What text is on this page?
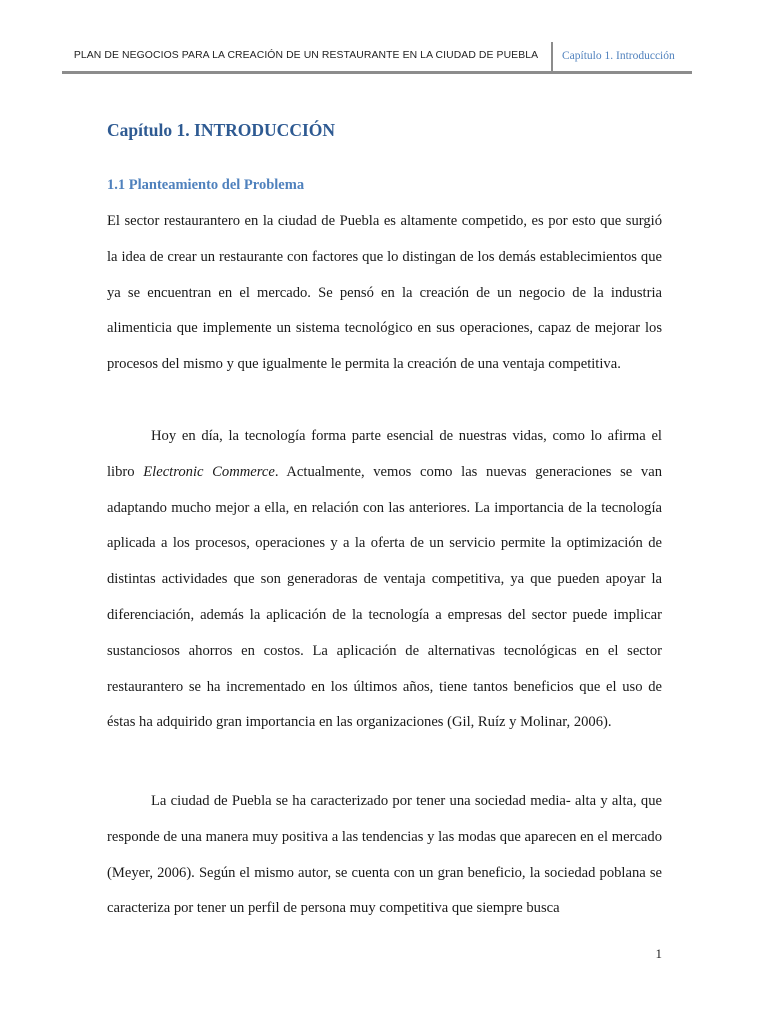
PLAN DE NEGOCIOS PARA LA CREACIÓN DE UN RESTAURANTE EN LA CIUDAD DE PUEBLA	Capítulo 1. Introducción
Capítulo 1. INTRODUCCIÓN
1.1 Planteamiento del Problema

El sector restaurantero en la ciudad de Puebla es altamente competido, es por esto que surgió la idea de crear un restaurante con factores que lo distingan de los demás establecimientos que ya se encuentran en el mercado. Se pensó en la creación de un negocio de la industria alimenticia que implemente un sistema tecnológico en sus operaciones, capaz de mejorar los procesos del mismo y que igualmente le permita la creación de una ventaja competitiva.

Hoy en día, la tecnología forma parte esencial de nuestras vidas, como lo afirma el libro Electronic Commerce. Actualmente, vemos como las nuevas generaciones se van adaptando mucho mejor a ella, en relación con las anteriores. La importancia de la tecnología aplicada a los procesos, operaciones y a la oferta de un servicio permite la optimización de distintas actividades que son generadoras de ventaja competitiva, ya que pueden apoyar la diferenciación, además la aplicación de la tecnología a empresas del sector puede implicar sustanciosos ahorros en costos. La aplicación de alternativas tecnológicas en el sector restaurantero se ha incrementado en los últimos años, tiene tantos beneficios que el uso de éstas ha adquirido gran importancia en las organizaciones (Gil, Ruíz y Molinar, 2006).

La ciudad de Puebla se ha caracterizado por tener una sociedad media- alta y alta, que responde de una manera muy positiva a las tendencias y las modas que aparecen en el mercado (Meyer, 2006). Según el mismo autor, se cuenta con un gran beneficio, la sociedad poblana se caracteriza por tener un perfil de persona muy competitiva que siempre busca

1
